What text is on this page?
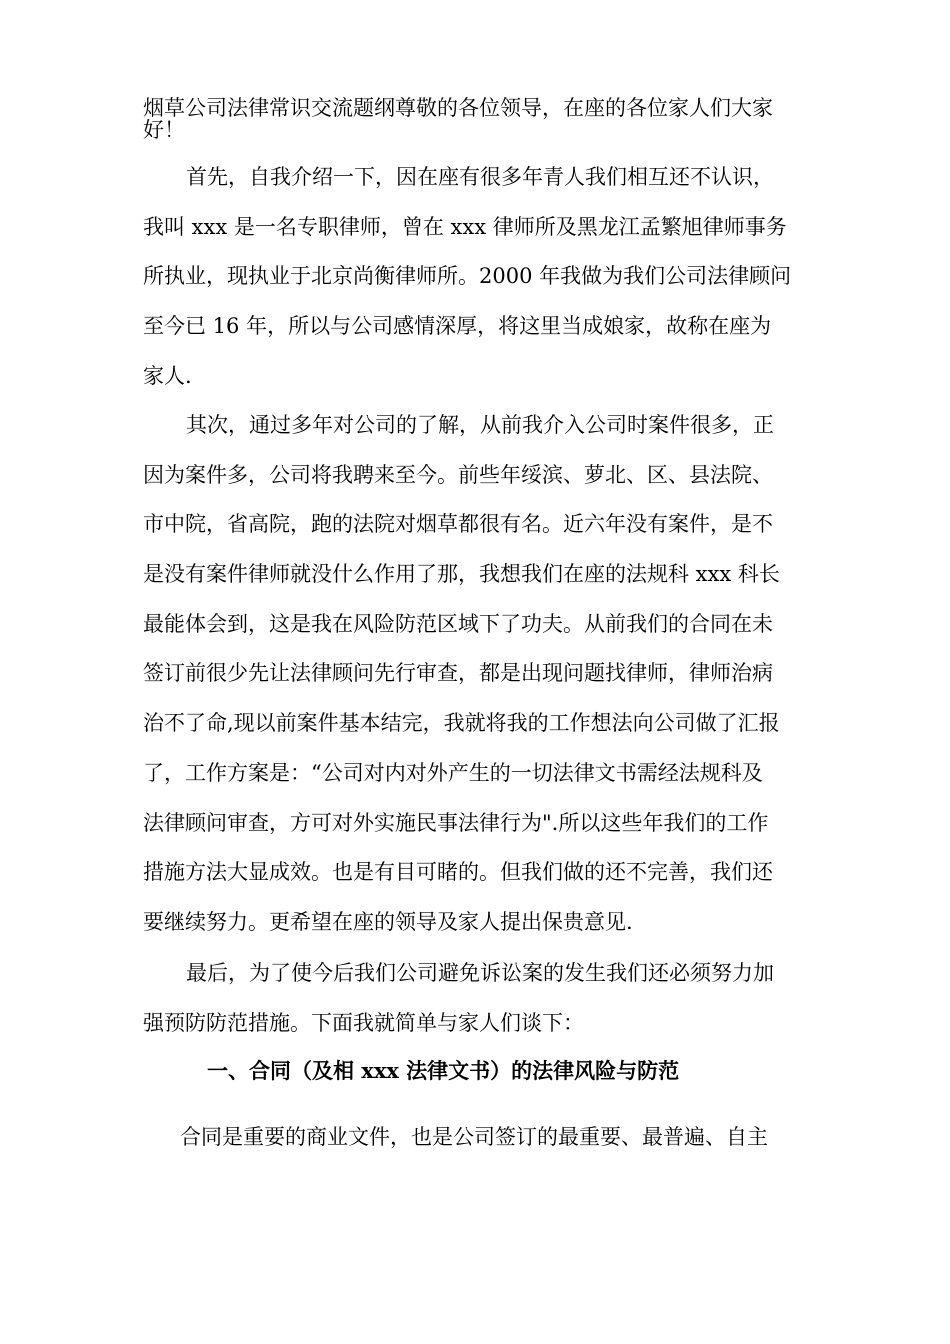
烟草公司法律常识交流题纲尊敬的各位领导，在座的各位家人们大家
好！
首先，自我介绍一下，因在座有很多年青人我们相互还不认识，
我叫 xxx 是一名专职律师，曾在 xxx 律师所及黑龙江孟繁旭律师事务
所执业，现执业于北京尚衡律师所。2000 年我做为我们公司法律顾问
至今已 16 年，所以与公司感情深厚，将这里当成娘家，故称在座为
家人.
其次，通过多年对公司的了解，从前我介入公司时案件很多，正
因为案件多，公司将我聘来至今。前些年绥滨、萝北、区、县法院、
市中院，省高院，跑的法院对烟草都很有名。近六年没有案件，是不
是没有案件律师就没什么作用了那，我想我们在座的法规科 xxx 科长
最能体会到，这是我在风险防范区域下了功夫。从前我们的合同在未
签订前很少先让法律顾问先行审查，都是出现问题找律师，律师治病
治不了命,现以前案件基本结完，我就将我的工作想法向公司做了汇报
了，工作方案是：“公司对内对外产生的一切法律文书需经法规科及
法律顾问审查，方可对外实施民事法律行为".所以这些年我们的工作
措施方法大显成效。也是有目可睹的。但我们做的还不完善，我们还
要继续努力。更希望在座的领导及家人提出保贵意见.
最后，为了使今后我们公司避免诉讼案的发生我们还必须努力加
强预防防范措施。下面我就简单与家人们谈下：
一、合同（及相 xxx 法律文书）的法律风险与防范
合同是重要的商业文件，也是公司签订的最重要、最普遍、自主
